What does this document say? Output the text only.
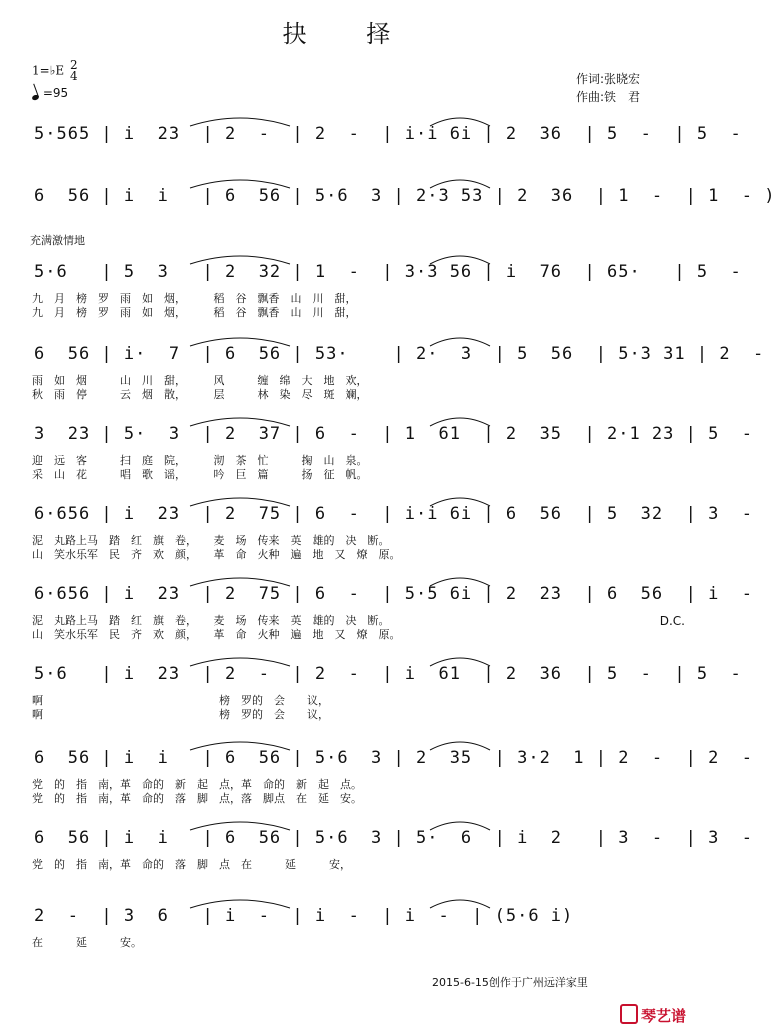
抉 择
作词:张晓宏
作曲:铁　君
1=♭E 2
4
=95
充满激情地
5·565 | i  23  | 2  -  | 2  -  | i·i 6i | 2  36  | 5  -  | 5  -
6  56 | i  i   | 6  56 | 5·6  3 | 2·3 53 | 2  36  | 1  -  | 1  - )
5·6   | 5  3   | 2  32 | 1  -  | 3·3 56 | i  76  | 65·   | 5  -
九　月　榜　罗　雨　如　烟，　　　稻　谷　飘香　山　川　甜，
九　月　榜　罗　雨　如　烟，　　　稻　谷　飘香　山　川　甜，
6  56 | i·  7  | 6  56 | 53·    | 2·  3  | 5  56  | 5·3 31 | 2  -
雨　如　烟　　　山　川　甜，　　　风　　　缠　绵　大　地　欢，
秋　雨　停　　　云　烟　散，　　　层　　　林　染　尽　斑　斓，
3  23 | 5·  3  | 2  37 | 6  -  | 1  61  | 2  35  | 2·1 23 | 5  -
迎　远　客　　　扫　庭　院，　　　沏　茶　忙　　　掬　山　泉。
采　山　花　　　唱　歌　谣，　　　吟　巨　篇　　　扬　征　帆。
6·656 | i  23  | 2  75 | 6  -  | i·i 6i | 6  56  | 5  32  | 3  -
泥　丸路上马　踏　红　旗　卷，　　麦　场　传来　英　雄的　决　断。
山　笑水乐军　民　齐　欢　颜，　　革　命　火种　遍　地　又　燎　原。
6·656 | i  23  | 2  75 | 6  -  | 5·5 6i | 2  23  | 6  56  | i  -
泥　丸路上马　踏　红　旗　卷，　　麦　场　传来　英　雄的　决　断。
山　笑水乐军　民　齐　欢　颜，　　革　命　火种　遍　地　又　燎　原。
5·6   | i  23  | 2  -  | 2  -  | i  61  | 2  36  | 5  -  | 5  -
啊　　　　　　　　　　　　　　　　榜　罗的　会　　议，
啊　　　　　　　　　　　　　　　　榜　罗的　会　　议，
6  56 | i  i   | 6  56 | 5·6  3 | 2  35  | 3·2  1 | 2  -  | 2  -
党　的　指　南，革　命的　新　起　点，革　命的　新　起　点。
党　的　指　南，革　命的　落　脚　点，落　脚点　在　延　安。
6  56 | i  i   | 6  56 | 5·6  3 | 5·  6  | i  2   | 3  -  | 3  -
党　的　指　南，革　命的　落　脚　点　在　　　延　　　安，
2  -  | 3  6   | i  -  | i  -  | i  -  | (5·6 i)
在　　　延　　　安。
D.C.
2015-6-15创作于广州远洋家里
琴艺谱
